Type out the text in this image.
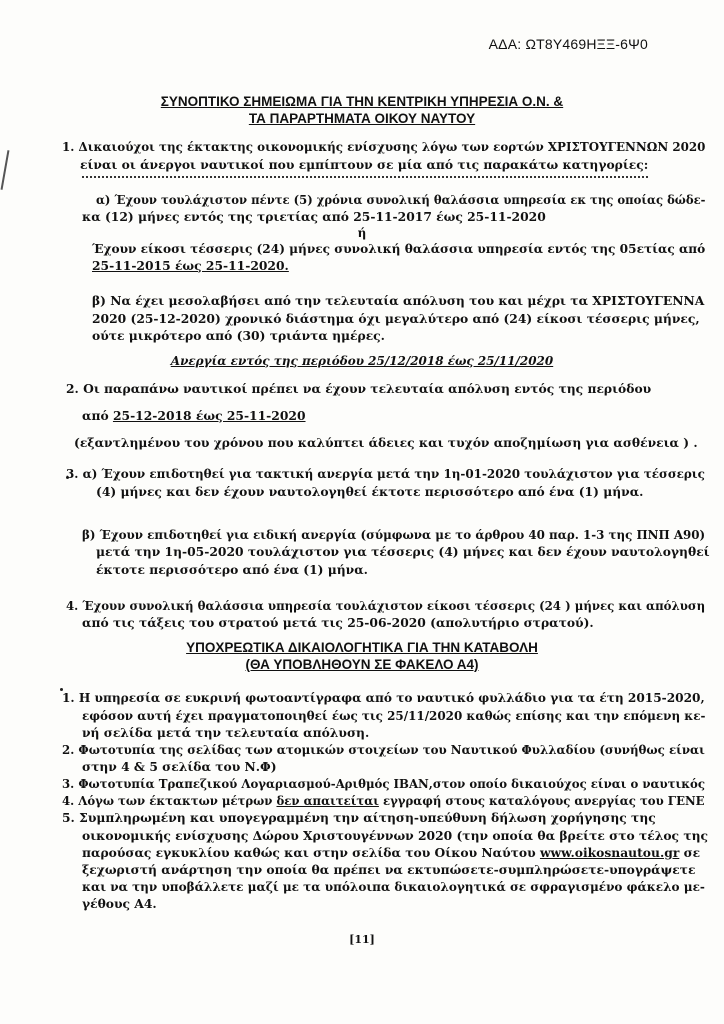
ΑΔΑ: ΩΤ8Υ469ΗΞΞ-6Ψ0
ΣΥΝΟΠΤΙΚΟ ΣΗΜΕΙΩΜΑ ΓΙΑ ΤΗΝ ΚΕΝΤΡΙΚΗ ΥΠΗΡΕΣΙΑ Ο.Ν. &
ΤΑ ΠΑΡΑΡΤΗΜΑΤΑ ΟΙΚΟΥ ΝΑΥΤΟΥ
1. Δικαιούχοι της έκτακτης οικονομικής ενίσχυσης λόγω των εορτών ΧΡΙΣΤΟΥΓΕΝΝΩΝ 2020
είναι οι άνεργοι ναυτικοί που εμπίπτουν σε μία από τις παρακάτω κατηγορίες:
α) Έχουν τουλάχιστον πέντε (5) χρόνια συνολική θαλάσσια υπηρεσία εκ της οποίας δώδε-
κα (12) μήνες εντός της τριετίας από 25-11-2017 έως 25-11-2020
ή
Έχουν είκοσι τέσσερις (24) μήνες συνολική θαλάσσια υπηρεσία εντός της 05ετίας από
25-11-2015 έως 25-11-2020.
β) Να έχει μεσολαβήσει από την τελευταία απόλυση του και μέχρι τα ΧΡΙΣΤΟΥΓΕΝΝΑ
2020 (25-12-2020) χρονικό διάστημα όχι μεγαλύτερο από (24) είκοσι τέσσερις μήνες,
ούτε μικρότερο από (30) τριάντα ημέρες.
Ανεργία εντός της περιόδου 25/12/2018 έως 25/11/2020
2. Οι παραπάνω ναυτικοί πρέπει να έχουν τελευταία απόλυση εντός της περιόδου
από 25-12-2018 έως 25-11-2020
(εξαντλημένου του χρόνου που καλύπτει άδειες και τυχόν αποζημίωση για ασθένεια ) .
3. α) Έχουν επιδοτηθεί για τακτική ανεργία μετά την 1η-01-2020 τουλάχιστον για τέσσερις
(4) μήνες και δεν έχουν ναυτολογηθεί έκτοτε περισσότερο από ένα (1) μήνα.
β) Έχουν επιδοτηθεί για ειδική ανεργία (σύμφωνα με το άρθρου 40 παρ. 1-3 της ΠΝΠ Α90)
μετά την 1η-05-2020 τουλάχιστον για τέσσερις (4) μήνες και δεν έχουν ναυτολογηθεί
έκτοτε περισσότερο από ένα (1) μήνα.
4. Έχουν συνολική θαλάσσια υπηρεσία τουλάχιστον είκοσι τέσσερις (24 ) μήνες και απόλυση
από τις τάξεις του στρατού μετά τις 25-06-2020 (απολυτήριο στρατού).
ΥΠΟΧΡΕΩΤΙΚΑ ΔΙΚΑΙΟΛΟΓΗΤΙΚΑ ΓΙΑ ΤΗΝ ΚΑΤΑΒΟΛΗ
(ΘΑ ΥΠΟΒΛΗΘΟΥΝ ΣΕ ΦΑΚΕΛΟ Α4)
1. Η υπηρεσία σε ευκρινή φωτοαντίγραφα από το ναυτικό φυλλάδιο για τα έτη 2015-2020,
εφόσον αυτή έχει πραγματοποιηθεί έως τις 25/11/2020 καθώς επίσης και την επόμενη κε-
νή σελίδα μετά την τελευταία απόλυση.
2. Φωτοτυπία της σελίδας των ατομικών στοιχείων του Ναυτικού Φυλλαδίου (συνήθως είναι
στην 4 & 5 σελίδα του Ν.Φ)
3. Φωτοτυπία Τραπεζικού Λογαριασμού-Αριθμός ΙΒΑΝ,στον οποίο δικαιούχος είναι ο ναυτικός
4. Λόγω των έκτακτων μέτρων δεν απαιτείται εγγραφή στους καταλόγους ανεργίας του ΓΕΝΕ
5. Συμπληρωμένη και υπογεγραμμένη την αίτηση-υπεύθυνη δήλωση χορήγησης της
οικονομικής ενίσχυσης Δώρου Χριστουγέννων 2020 (την οποία θα βρείτε στο τέλος της
παρούσας εγκυκλίου καθώς και στην σελίδα του Οίκου Ναύτου www.oikosnautou.gr σε
ξεχωριστή ανάρτηση την οποία θα πρέπει να εκτυπώσετε-συμπληρώσετε-υπογράψετε
και να την υποβάλλετε μαζί με τα υπόλοιπα δικαιολογητικά σε σφραγισμένο φάκελο με-
γέθους Α4.
[11]
